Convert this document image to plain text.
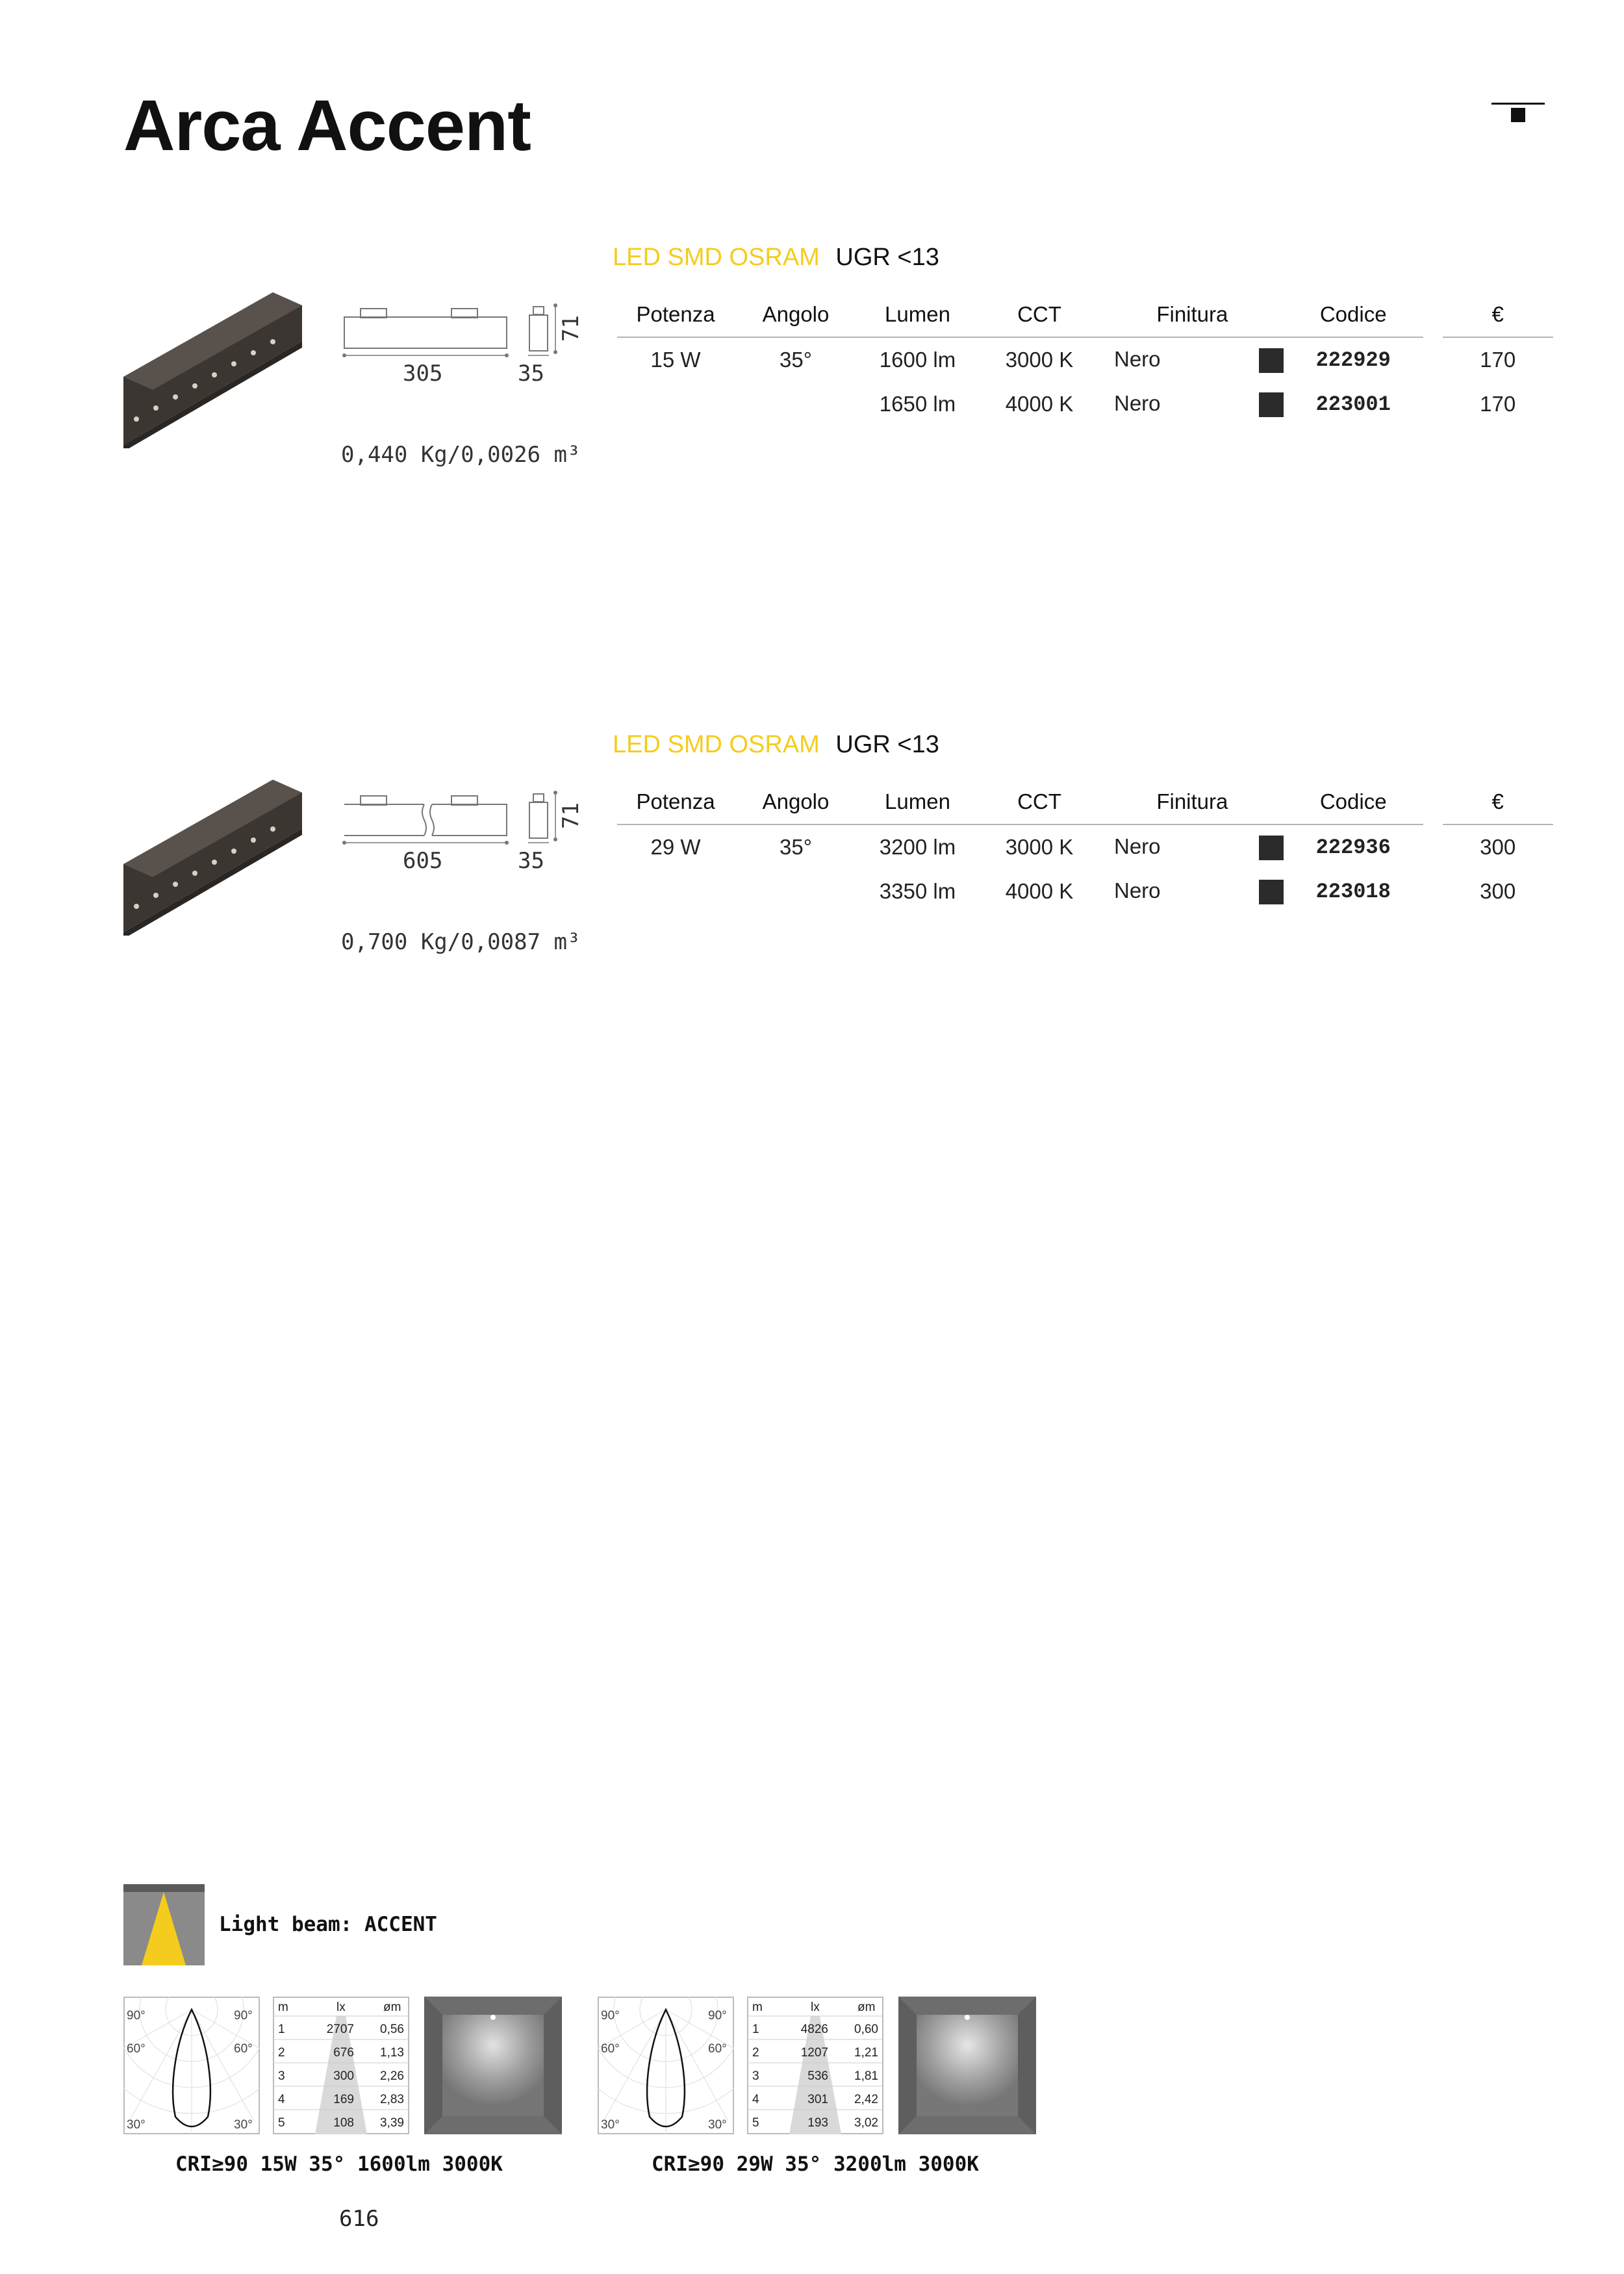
Arca Accent
LED SMD OSRAM UGR <13
305	35
71
0,440 Kg/0,0026 m³
Potenza	Angolo	Lumen	CCT	Finitura	Codice		€
15 W	35°	1600 lm	3000 K	Nero	222929		170
		1650 lm	4000 K	Nero	223001		170
LED SMD OSRAM UGR <13
605	35
71
0,700 Kg/0,0087 m³
Potenza	Angolo	Lumen	CCT	Finitura	Codice		€
29 W	35°	3200 lm	3000 K	Nero	222936		300
		3350 lm	4000 K	Nero	223018		300
Light beam: ACCENT
90°	90°
60°	60°
30°	30°
m	lx	øm
1	2707 0,56
2	676 1,13
3	300 2,26
4	169 2,83
5	108 3,39
CRI≥90 15W 35° 1600lm 3000K
90°	90°
60°	60°
30°	30°
m	lx	øm
1	4826 0,60
2	1207 1,21
3	536 1,81
4	301 2,42
5	193 3,02
CRI≥90 29W 35° 3200lm 3000K
616
